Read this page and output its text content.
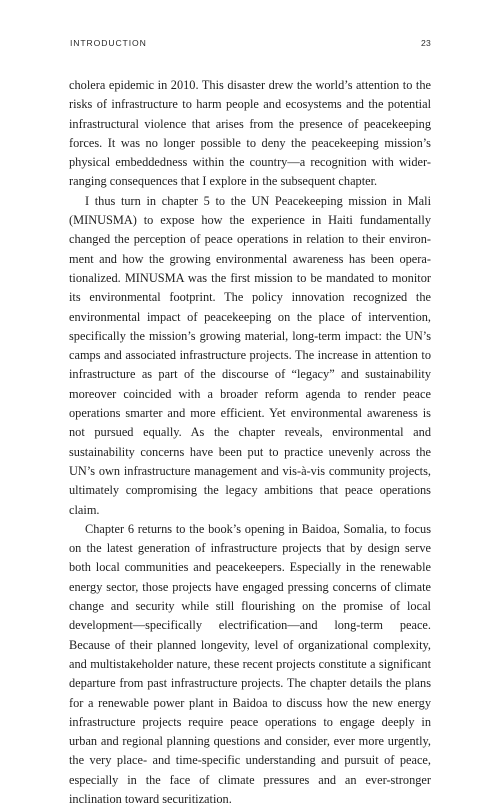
INTRODUCTION	23

cholera epidemic in 2010. This disaster drew the world’s attention to the risks of infrastructure to harm people and ecosystems and the potential infrastructural violence that arises from the presence of peacekeeping forces. It was no longer possible to deny the peacekeeping mission’s physical embeddedness within the country—a recognition with wider-ranging consequences that I explore in the subsequent chapter.

I thus turn in chapter 5 to the UN Peacekeeping mission in Mali (MINUSMA) to expose how the experience in Haiti fundamentally changed the perception of peace operations in relation to their environment and how the growing environmental awareness has been operationalized. MINUSMA was the first mission to be mandated to monitor its environmental footprint. The policy innovation recognized the environmental impact of peacekeeping on the place of intervention, specifically the mission’s growing material, long-term impact: the UN’s camps and associated infrastructure projects. The increase in attention to infrastructure as part of the discourse of “legacy” and sustainability moreover coincided with a broader reform agenda to render peace operations smarter and more efficient. Yet environmental awareness is not pursued equally. As the chapter reveals, environmental and sustainability concerns have been put to practice unevenly across the UN’s own infrastructure management and vis-à-vis community projects, ultimately compromising the legacy ambitions that peace operations claim.

Chapter 6 returns to the book’s opening in Baidoa, Somalia, to focus on the latest generation of infrastructure projects that by design serve both local communities and peacekeepers. Especially in the renewable energy sector, those projects have engaged pressing concerns of climate change and security while still flourishing on the promise of local development—specifically electrification—and long-term peace. Because of their planned longevity, level of organizational complexity, and multistakeholder nature, these recent projects constitute a significant departure from past infrastructure projects. The chapter details the plans for a renewable power plant in Baidoa to discuss how the new energy infrastructure projects require peace operations to engage deeply in urban and regional planning questions and consider, ever more urgently, the very place- and time-specific understanding and pursuit of peace, especially in the face of climate pressures and an ever-stronger inclination toward securitization.
